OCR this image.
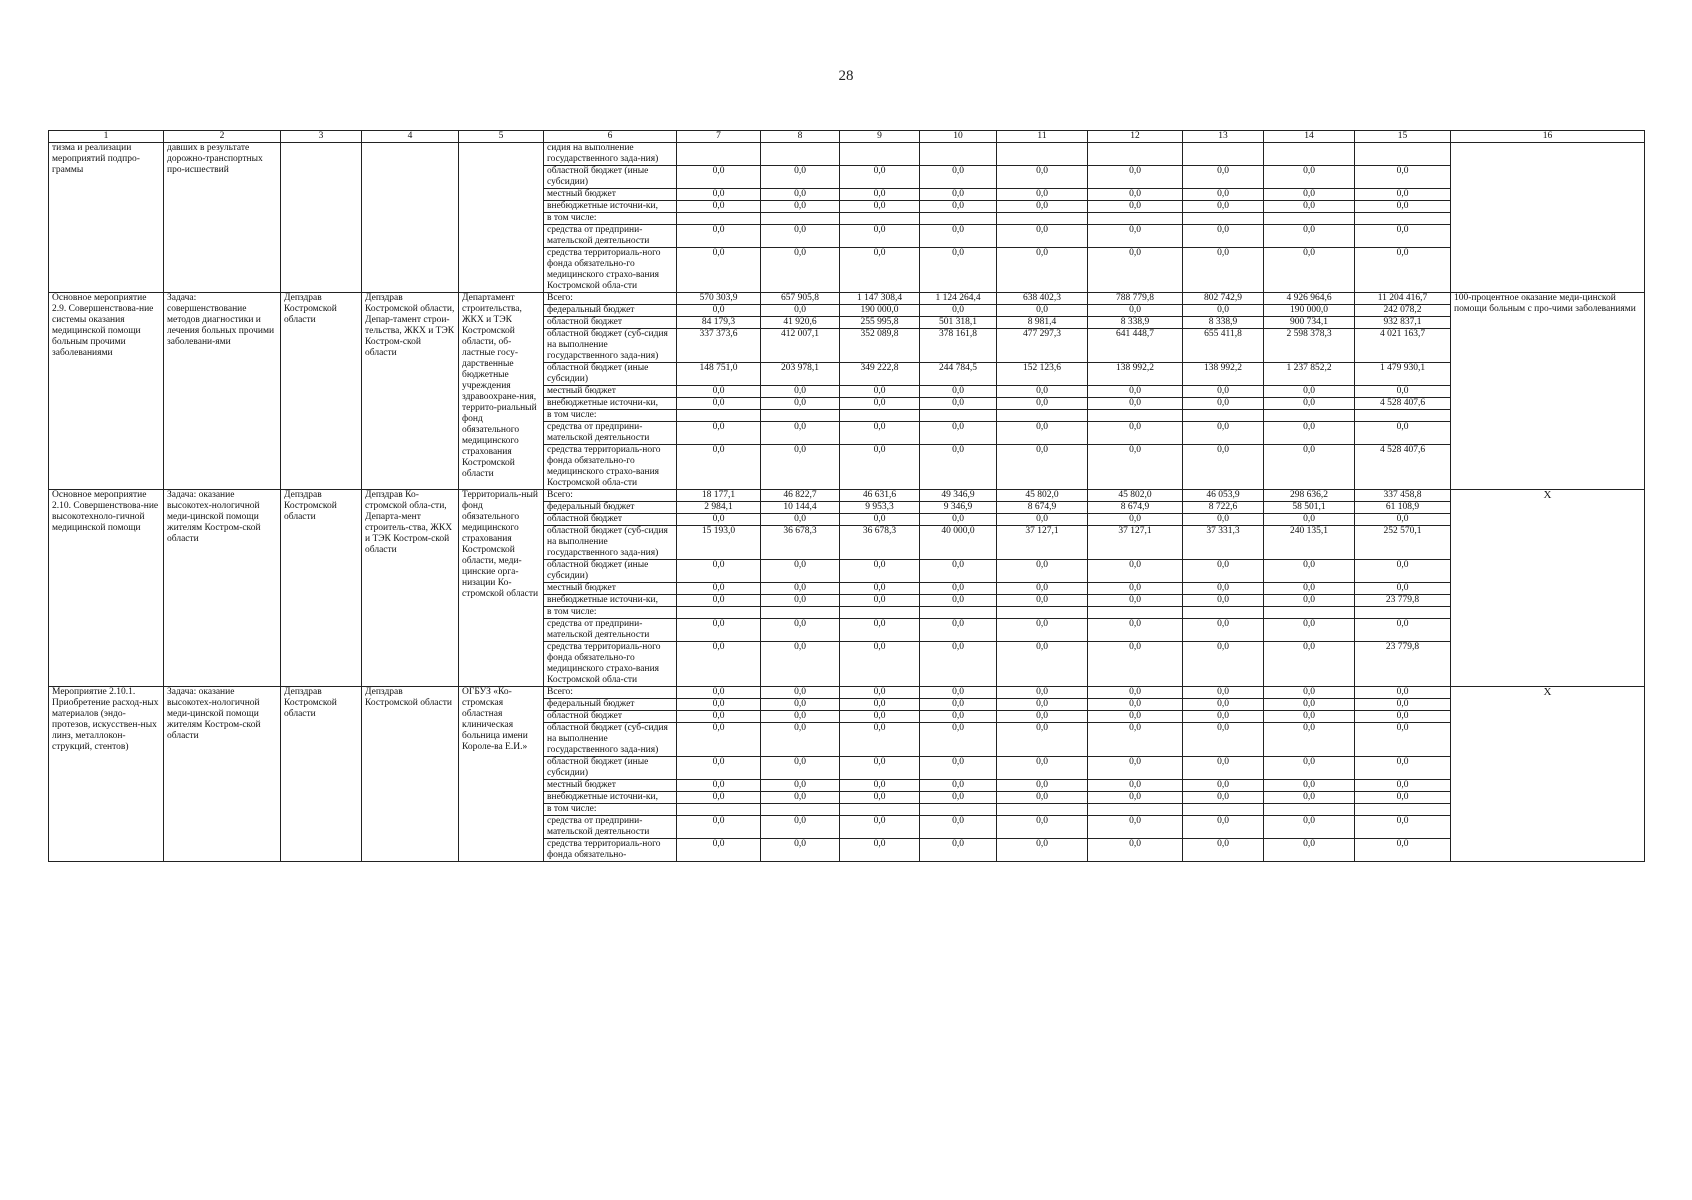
28
1	2	3	4	5	6	7	8	9	10	11	12	13	14	15	16
тизма и реализации мероприятий подпро-граммы	давших в результате дорожно-транспортных про-исшествий				сидия на выполнение государственного зада-ния)										
					областной бюджет (иные субсидии)	0,0	0,0	0,0	0,0	0,0	0,0	0,0	0,0	0,0	
					местный бюджет	0,0	0,0	0,0	0,0	0,0	0,0	0,0	0,0	0,0	
					внебюджетные источни-ки,	0,0	0,0	0,0	0,0	0,0	0,0	0,0	0,0	0,0	
					в том числе:										
					средства от предприни-мательской деятельности	0,0	0,0	0,0	0,0	0,0	0,0	0,0	0,0	0,0	
					средства территориаль-ного фонда обязательно-го медицинского страхо-вания Костромской обла-сти	0,0	0,0	0,0	0,0	0,0	0,0	0,0	0,0	0,0	
Основное мероприятие 2.9. Совершенствова-ние системы оказания медицинской помощи больным прочими заболеваниями	Задача: совершенствование методов диагностики и лечения больных прочими заболевани-ями	Депздрав Костромской области	Депздрав Костромской области, Депар-тамент строи-тельства, ЖКХ и ТЭК Костром-ской области	Департамент строительства, ЖКХ и ТЭК Костромской области, об-ластные госу-дарственные бюджетные учреждения здравоохране-ния, террито-риальный фонд обязательного медицинского страхования Костромской области	Всего:	570 303,9	657 905,8	1 147 308,4	1 124 264,4	638 402,3	788 779,8	802 742,9	4 926 964,6	11 204 416,7	100-процентное оказание меди-цинской помощи больным с про-чими заболеваниями
					федеральный бюджет	0,0	0,0	190 000,0	0,0	0,0	0,0	0,0	190 000,0	242 078,2	
					областной бюджет	84 179,3	41 920,6	255 995,8	501 318,1	8 981,4	8 338,9	8 338,9	900 734,1	932 837,1	
					областной бюджет (суб-сидия на выполнение государственного зада-ния)	337 373,6	412 007,1	352 089,8	378 161,8	477 297,3	641 448,7	655 411,8	2 598 378,3	4 021 163,7	
					областной бюджет (иные субсидии)	148 751,0	203 978,1	349 222,8	244 784,5	152 123,6	138 992,2	138 992,2	1 237 852,2	1 479 930,1	
					местный бюджет	0,0	0,0	0,0	0,0	0,0	0,0	0,0	0,0	0,0	
					внебюджетные источни-ки,	0,0	0,0	0,0	0,0	0,0	0,0	0,0	0,0	4 528 407,6	
					в том числе:										
					средства от предприни-мательской деятельности	0,0	0,0	0,0	0,0	0,0	0,0	0,0	0,0	0,0	
					средства территориаль-ного фонда обязательно-го медицинского страхо-вания Костромской обла-сти	0,0	0,0	0,0	0,0	0,0	0,0	0,0	0,0	4 528 407,6	
Основное мероприятие 2.10. Совершенствова-ние высокотехноло-гичной медицинской помощи	Задача: оказание высокотех-нологичной меди-цинской помощи жителям Костром-ской области	Депздрав Костромской области	Депздрав Ко-стромской обла-сти, Департа-мент строитель-ства, ЖКХ и ТЭК Костром-ской области	Территориаль-ный фонд обязательного медицинского страхования Костромской области, меди-цинские орга-низации Ко-стромской области	Всего:	18 177,1	46 822,7	46 631,6	49 346,9	45 802,0	45 802,0	46 053,9	298 636,2	337 458,8	X
					федеральный бюджет	2 984,1	10 144,4	9 953,3	9 346,9	8 674,9	8 674,9	8 722,6	58 501,1	61 108,9	
					областной бюджет	0,0	0,0	0,0	0,0	0,0	0,0	0,0	0,0	0,0	
					областной бюджет (суб-сидия на выполнение государственного зада-ния)	15 193,0	36 678,3	36 678,3	40 000,0	37 127,1	37 127,1	37 331,3	240 135,1	252 570,1	
					областной бюджет (иные субсидии)	0,0	0,0	0,0	0,0	0,0	0,0	0,0	0,0	0,0	
					местный бюджет	0,0	0,0	0,0	0,0	0,0	0,0	0,0	0,0	0,0	
					внебюджетные источни-ки,	0,0	0,0	0,0	0,0	0,0	0,0	0,0	0,0	23 779,8	
					в том числе:										
					средства от предприни-мательской деятельности	0,0	0,0	0,0	0,0	0,0	0,0	0,0	0,0	0,0	
					средства территориаль-ного фонда обязательно-го медицинского страхо-вания Костромской обла-сти	0,0	0,0	0,0	0,0	0,0	0,0	0,0	0,0	23 779,8	
Мероприятие 2.10.1. Приобретение расход-ных материалов (эндо-протезов, искусствен-ных линз, металлокон-струкций, стентов)	Задача: оказание высокотех-нологичной меди-цинской помощи жителям Костром-ской области	Депздрав Костромской области	Депздрав Костромской области	ОГБУЗ «Ко-стромская областная клиническая больница имени Короле-ва Е.И.»	Всего:	0,0	0,0	0,0	0,0	0,0	0,0	0,0	0,0	0,0	X
					федеральный бюджет	0,0	0,0	0,0	0,0	0,0	0,0	0,0	0,0	0,0	
					областной бюджет	0,0	0,0	0,0	0,0	0,0	0,0	0,0	0,0	0,0	
					областной бюджет (суб-сидия на выполнение государственного зада-ния)	0,0	0,0	0,0	0,0	0,0	0,0	0,0	0,0	0,0	
					областной бюджет (иные субсидии)	0,0	0,0	0,0	0,0	0,0	0,0	0,0	0,0	0,0	
					местный бюджет	0,0	0,0	0,0	0,0	0,0	0,0	0,0	0,0	0,0	
					внебюджетные источни-ки,	0,0	0,0	0,0	0,0	0,0	0,0	0,0	0,0	0,0	
					в том числе:										
					средства от предприни-мательской деятельности	0,0	0,0	0,0	0,0	0,0	0,0	0,0	0,0	0,0	
					средства территориаль-ного фонда обязательно-	0,0	0,0	0,0	0,0	0,0	0,0	0,0	0,0	0,0	
